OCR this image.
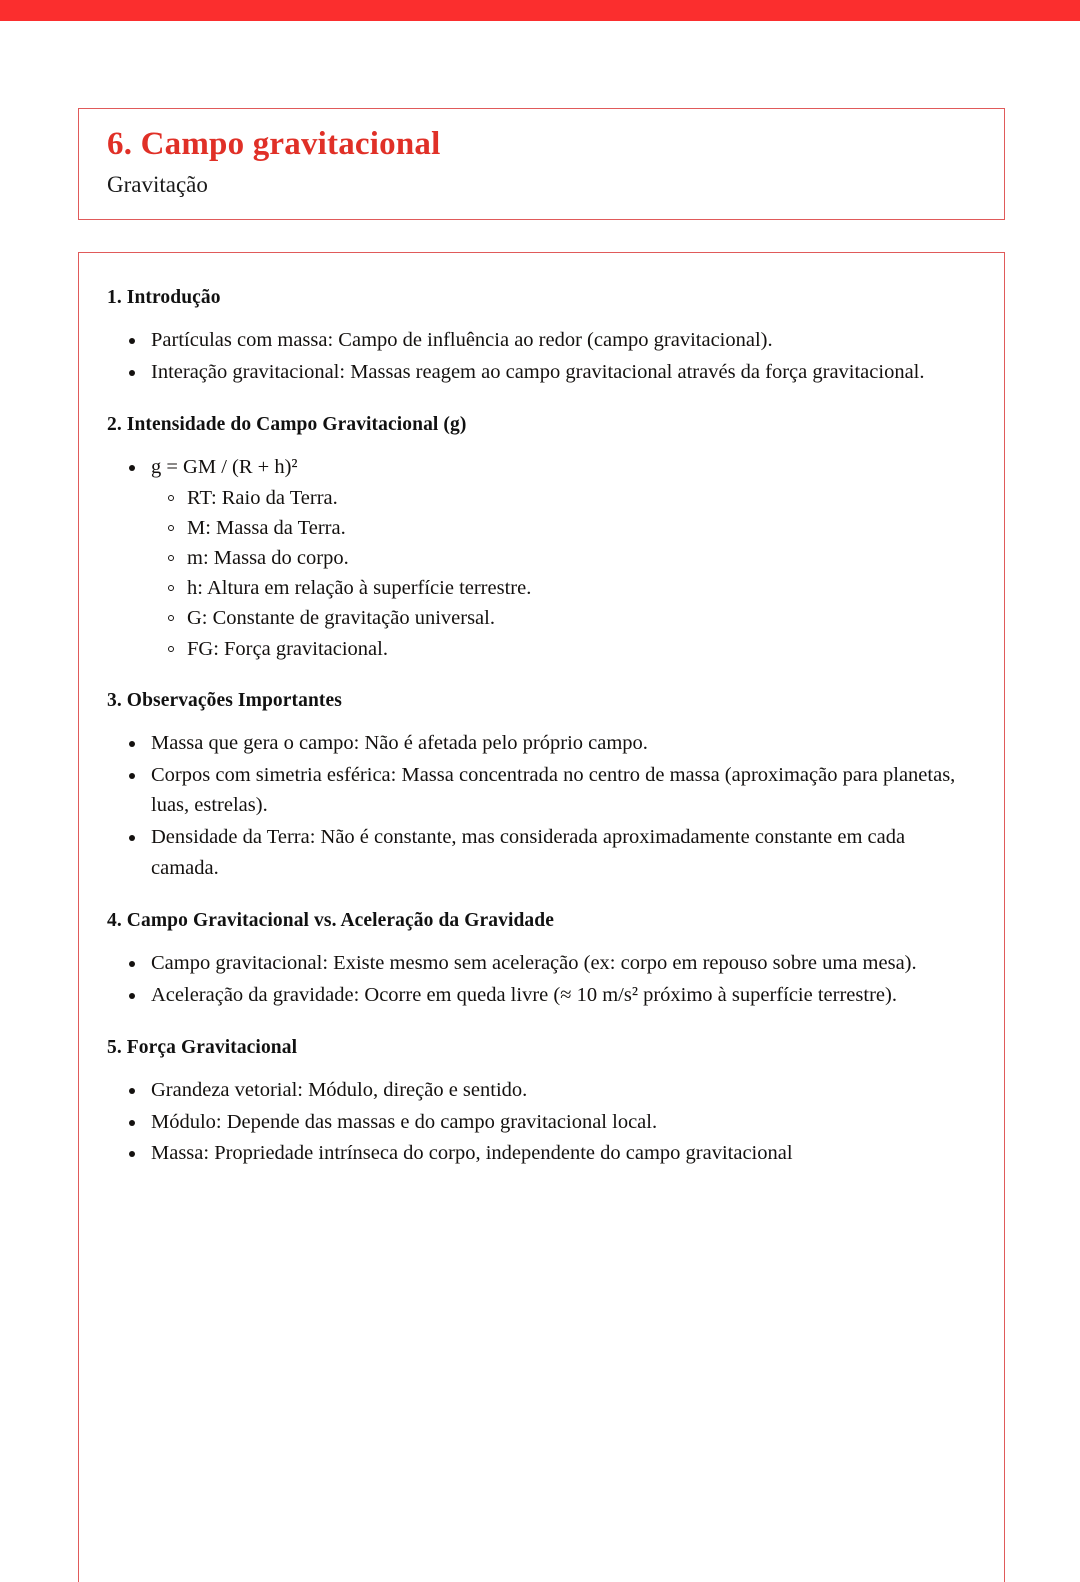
6. Campo gravitacional
Gravitação
1. Introdução
Partículas com massa: Campo de influência ao redor (campo gravitacional).
Interação gravitacional: Massas reagem ao campo gravitacional através da força gravitacional.
2. Intensidade do Campo Gravitacional (g)
g = GM / (R + h)²
RT: Raio da Terra.
M: Massa da Terra.
m: Massa do corpo.
h: Altura em relação à superfície terrestre.
G: Constante de gravitação universal.
FG: Força gravitacional.
3. Observações Importantes
Massa que gera o campo: Não é afetada pelo próprio campo.
Corpos com simetria esférica: Massa concentrada no centro de massa (aproximação para planetas, luas, estrelas).
Densidade da Terra: Não é constante, mas considerada aproximadamente constante em cada camada.
4. Campo Gravitacional vs. Aceleração da Gravidade
Campo gravitacional: Existe mesmo sem aceleração (ex: corpo em repouso sobre uma mesa).
Aceleração da gravidade: Ocorre em queda livre (≈ 10 m/s² próximo à superfície terrestre).
5. Força Gravitacional
Grandeza vetorial: Módulo, direção e sentido.
Módulo: Depende das massas e do campo gravitacional local.
Massa: Propriedade intrínseca do corpo, independente do campo gravitacional
